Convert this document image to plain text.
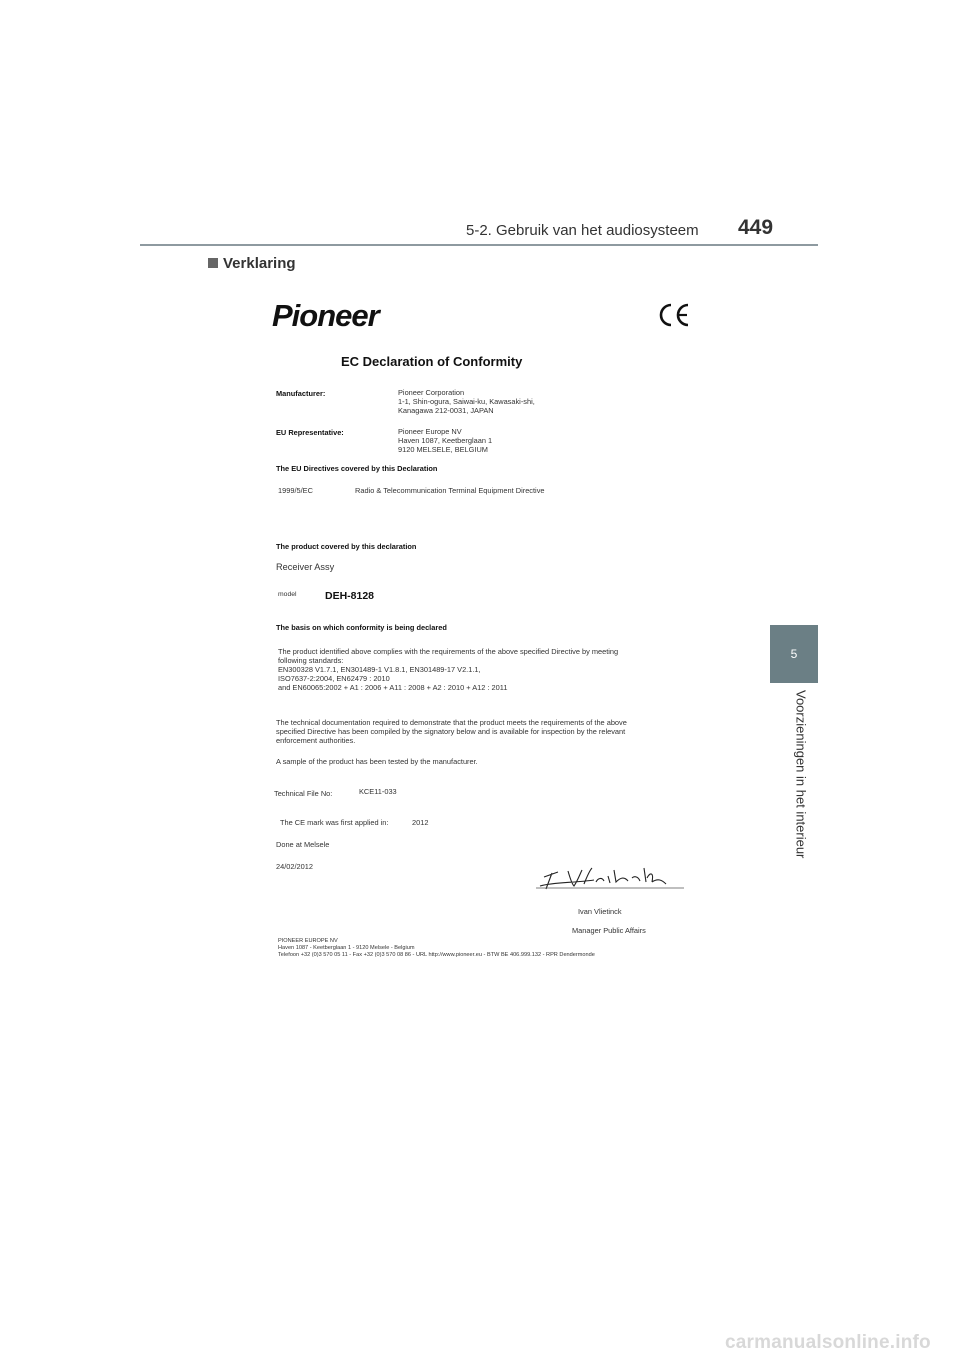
5-2. Gebruik van het audiosysteem 449
Verklaring
5
Voorzieningen in het interieur
Pioneer
EC Declaration of Conformity
Manufacturer:	Pioneer Corporation
1-1, Shin-ogura, Saiwai-ku, Kawasaki-shi,
Kanagawa 212-0031, JAPAN
EU Representative:	Pioneer Europe NV
Haven 1087, Keetberglaan 1
9120 MELSELE, BELGIUM
The EU Directives covered by this Declaration
1999/5/EC	Radio & Telecommunication Terminal Equipment Directive
The product covered by this declaration
Receiver Assy
model	DEH-8128
The basis on which conformity is being declared
The product identified above complies with the requirements of the above specified Directive by meeting
following standards:
EN300328 V1.7.1, EN301489-1 V1.8.1, EN301489-17 V2.1.1,
ISO7637-2:2004, EN62479 : 2010
and EN60065:2002 + A1 : 2006 + A11 : 2008 + A2 : 2010 + A12 : 2011
The technical documentation required to demonstrate that the product meets the requirements of the above
specified Directive has been compiled by the signatory below and is available for inspection by the relevant
enforcement authorities.
A sample of the product has been tested by the manufacturer.
Technical File No:	KCE11-033
The CE mark was first applied in:	2012
Done at Melsele
24/02/2012
Ivan Vlietinck
Manager Public Affairs
PIONEER EUROPE NV
Haven 1087 - Keetberglaan 1 - 9120 Melsele - Belgium
Telefoon +32 (0)3 570 05 11 - Fax +32 (0)3 570 08 86 - URL http://www.pioneer.eu - BTW BE 406.999.132 - RPR Dendermonde
carmanualsonline.info
